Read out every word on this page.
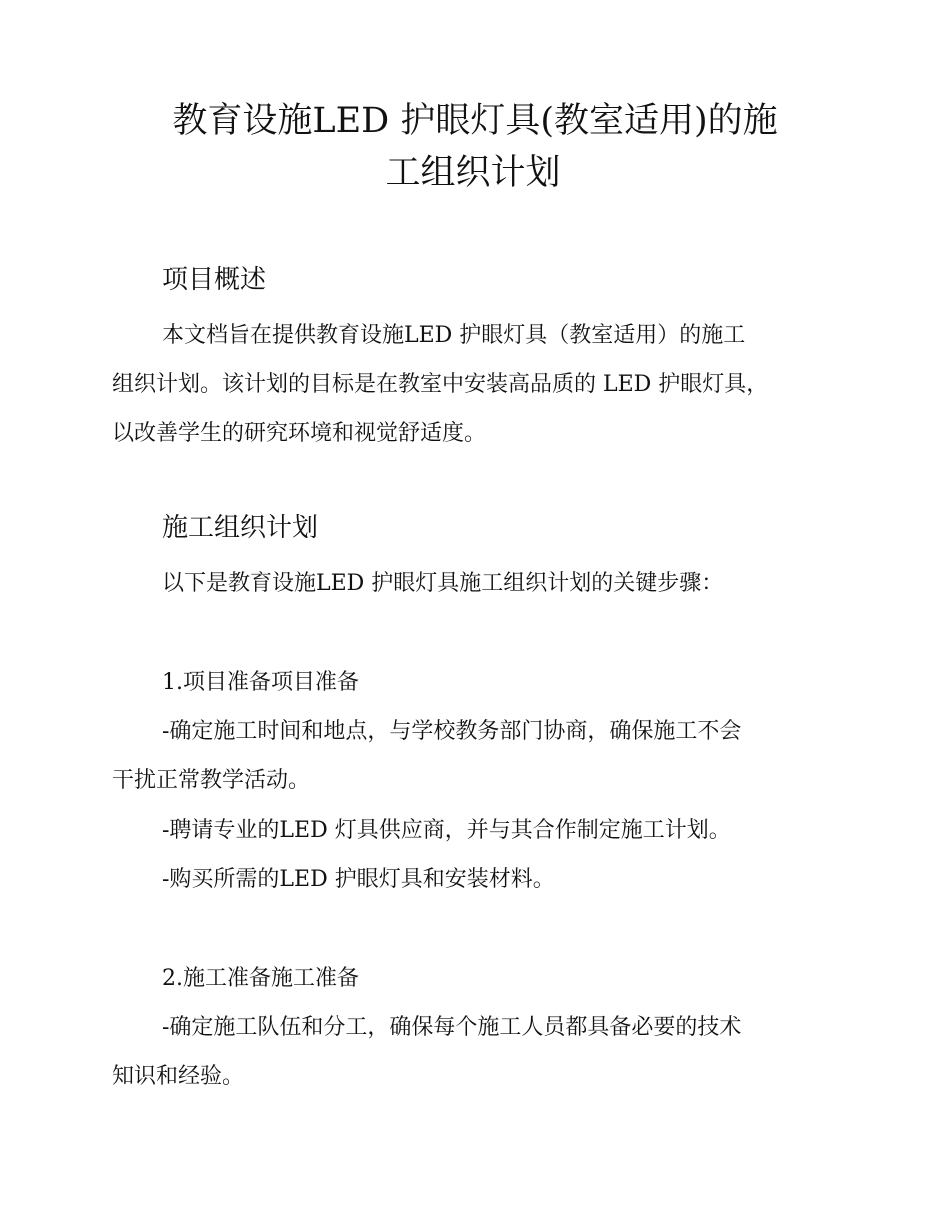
教育设施LED 护眼灯具(教室适用)的施
工组织计划
项目概述
本文档旨在提供教育设施LED 护眼灯具（教室适用）的施工
组织计划。该计划的目标是在教室中安装高品质的 LED 护眼灯具，
以改善学生的研究环境和视觉舒适度。
施工组织计划
以下是教育设施LED 护眼灯具施工组织计划的关键步骤：
1.项目准备项目准备
-确定施工时间和地点，与学校教务部门协商，确保施工不会
干扰正常教学活动。
-聘请专业的LED 灯具供应商，并与其合作制定施工计划。
-购买所需的LED 护眼灯具和安装材料。
2.施工准备施工准备
-确定施工队伍和分工，确保每个施工人员都具备必要的技术
知识和经验。
